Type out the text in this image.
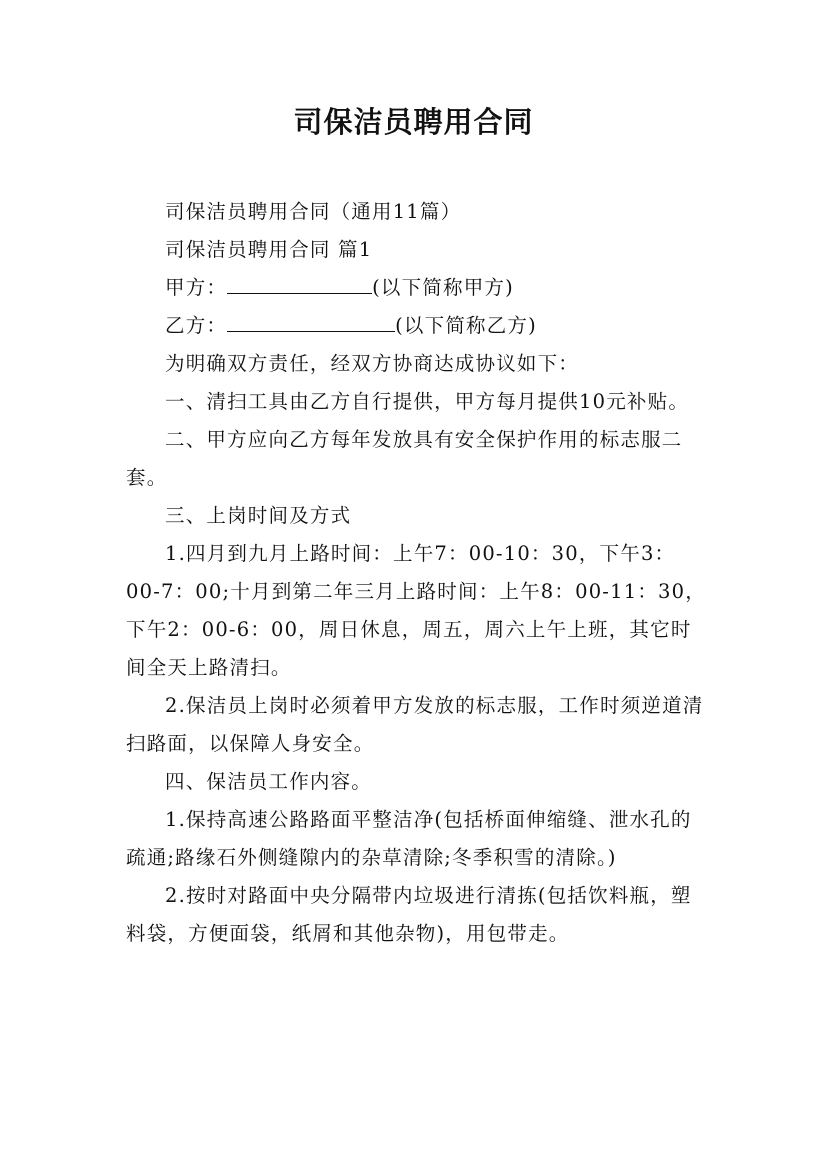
司保洁员聘用合同

司保洁员聘用合同（通用11篇）

司保洁员聘用合同 篇1

甲方：	(以下简称甲方)

乙方：	(以下简称乙方)

为明确双方责任，经双方协商达成协议如下：

一、清扫工具由乙方自行提供，甲方每月提供10元补贴。

二、甲方应向乙方每年发放具有安全保护作用的标志服二套。

三、上岗时间及方式

1.四月到九月上路时间：上午7：00-10：30，下午3：00-7：00;十月到第二年三月上路时间：上午8：00-11：30，下午2：00-6：00，周日休息，周五，周六上午上班，其它时间全天上路清扫。

2.保洁员上岗时必须着甲方发放的标志服，工作时须逆道清扫路面，以保障人身安全。

四、保洁员工作内容。

1.保持高速公路路面平整洁净(包括桥面伸缩缝、泄水孔的疏通;路缘石外侧缝隙内的杂草清除;冬季积雪的清除。)

2.按时对路面中央分隔带内垃圾进行清拣(包括饮料瓶，塑料袋，方便面袋，纸屑和其他杂物)，用包带走。
